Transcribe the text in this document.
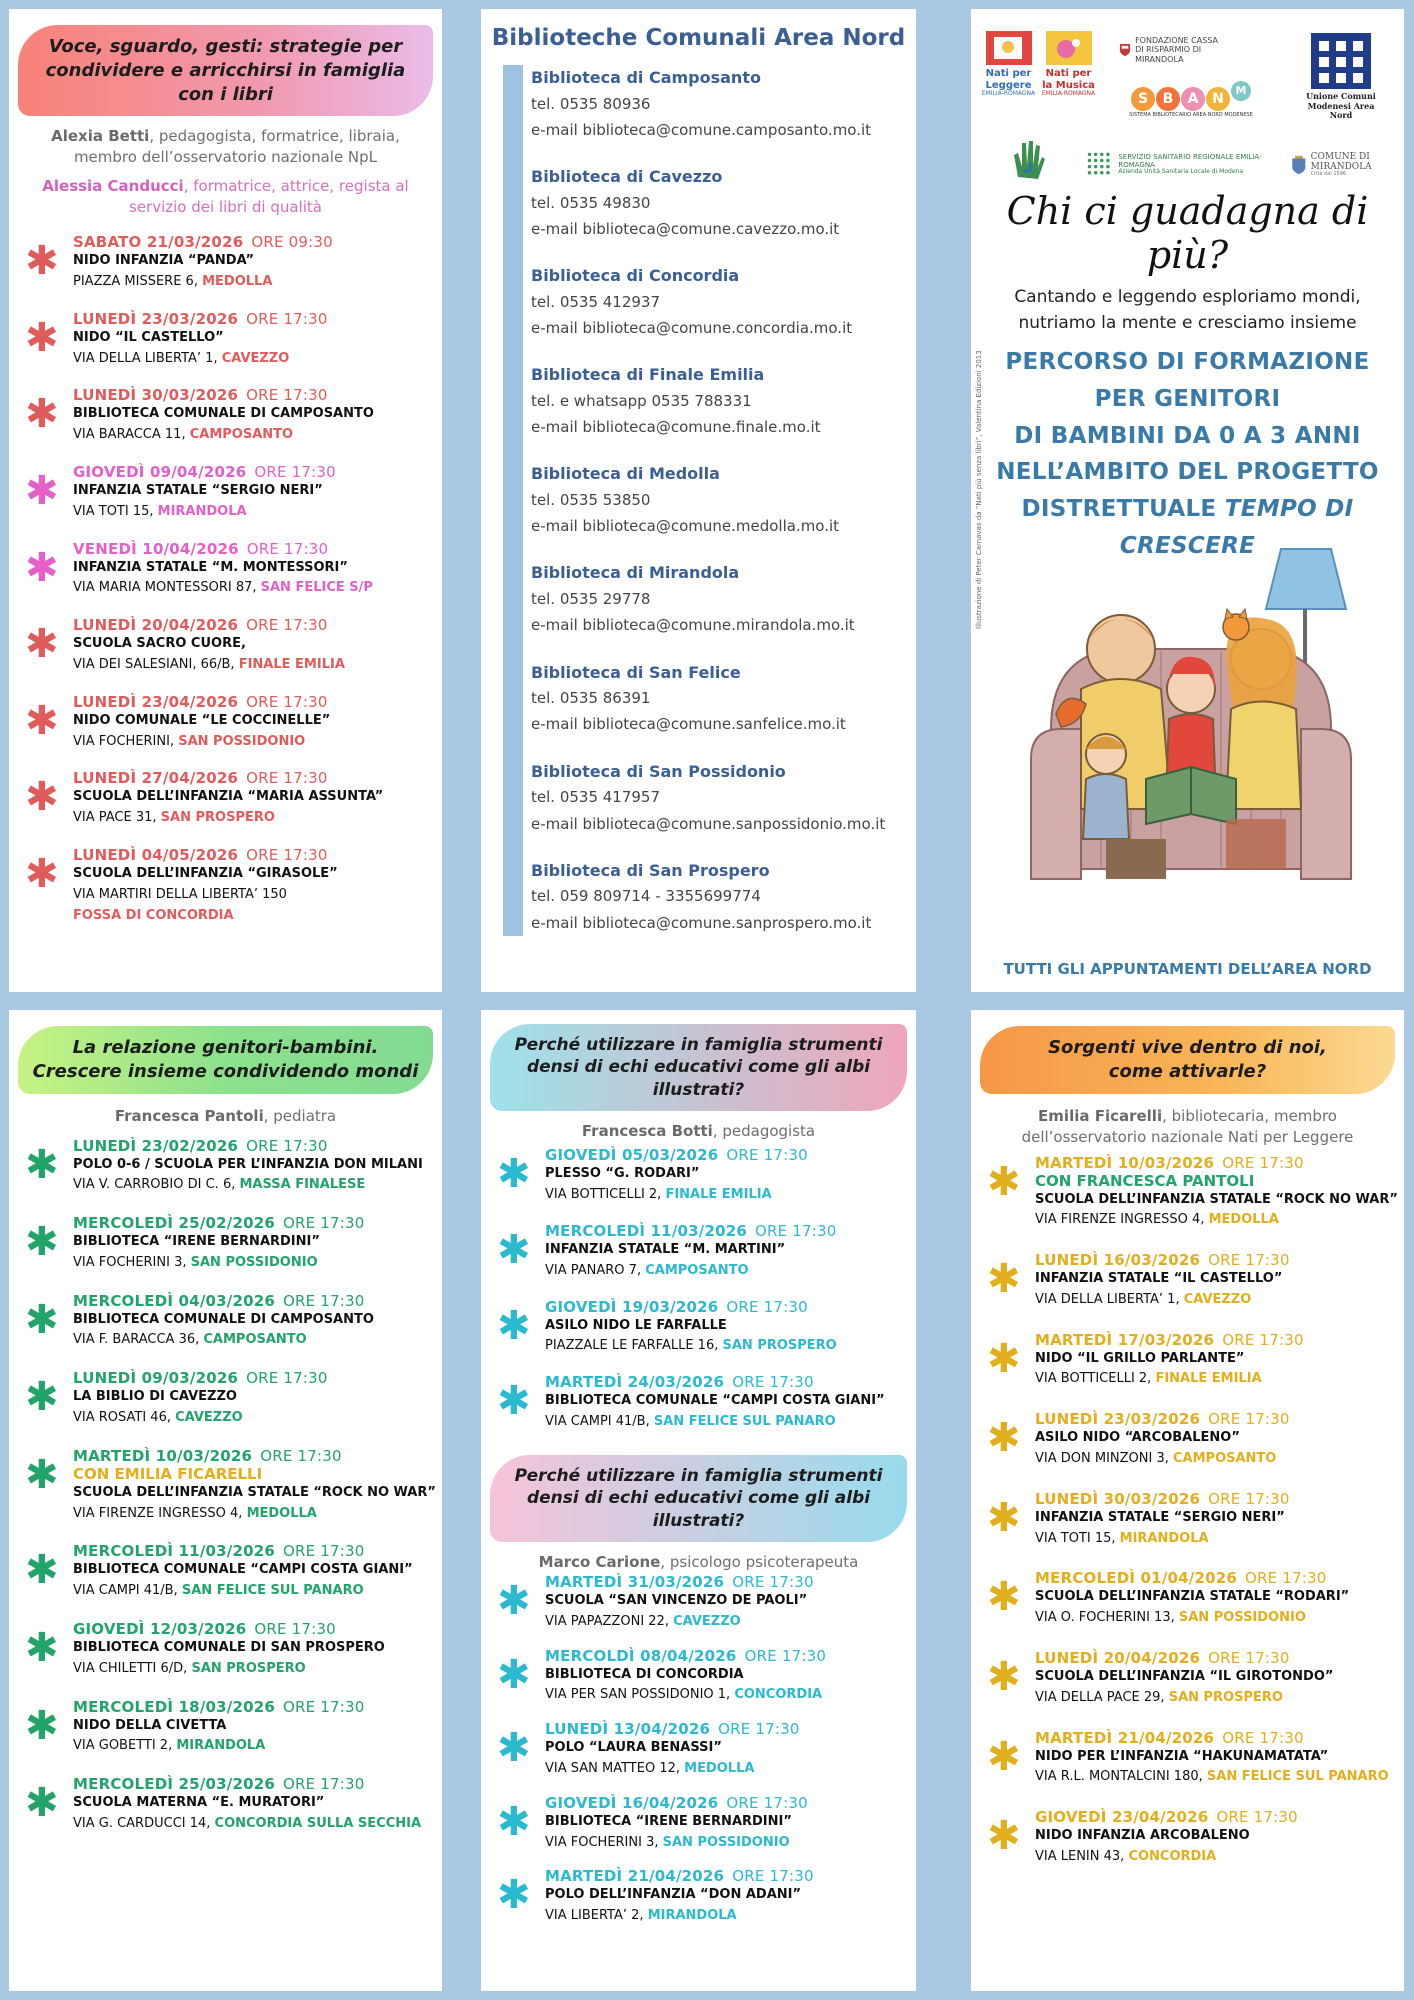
Voce, sguardo, gesti: strategie per condividere e arricchirsi in famiglia con i libri
Alexia Betti, pedagogista, formatrice, libraia, membro dell’osservatorio nazionale NpL
Alessia Canducci, formatrice, attrice, regista al servizio dei libri di qualità
✱ SABATO 21/03/2026 ORE 09:30
NIDO INFANZIA “PANDA”
PIAZZA MISSERE 6, MEDOLLA
✱ LUNEDÌ 23/03/2026 ORE 17:30
NIDO “IL CASTELLO”
VIA DELLA LIBERTA’ 1, CAVEZZO
✱ LUNEDÌ 30/03/2026 ORE 17:30
BIBLIOTECA COMUNALE DI CAMPOSANTO
VIA BARACCA 11, CAMPOSANTO
✱ GIOVEDÌ 09/04/2026 ORE 17:30
INFANZIA STATALE “SERGIO NERI”
VIA TOTI 15, MIRANDOLA
✱ VENEDÌ 10/04/2026 ORE 17:30
INFANZIA STATALE “M. MONTESSORI”
VIA MARIA MONTESSORI 87, SAN FELICE S/P
✱ LUNEDÌ 20/04/2026 ORE 17:30
SCUOLA SACRO CUORE,
VIA DEI SALESIANI, 66/B, FINALE EMILIA
✱ LUNEDÌ 23/04/2026 ORE 17:30
NIDO COMUNALE “LE COCCINELLE”
VIA FOCHERINI, SAN POSSIDONIO
✱ LUNEDÌ 27/04/2026 ORE 17:30
SCUOLA DELL’INFANZIA “MARIA ASSUNTA”
VIA PACE 31, SAN PROSPERO
✱ LUNEDÌ 04/05/2026 ORE 17:30
SCUOLA DELL’INFANZIA “GIRASOLE”
VIA MARTIRI DELLA LIBERTA’ 150
FOSSA DI CONCORDIA
Biblioteche Comunali Area Nord
Biblioteca di Camposanto
tel. 0535 80936
e-mail biblioteca@comune.camposanto.mo.it
Biblioteca di Cavezzo
tel. 0535 49830
e-mail biblioteca@comune.cavezzo.mo.it
Biblioteca di Concordia
tel. 0535 412937
e-mail biblioteca@comune.concordia.mo.it
Biblioteca di Finale Emilia
tel. e whatsapp 0535 788331
e-mail biblioteca@comune.finale.mo.it
Biblioteca di Medolla
tel. 0535 53850
e-mail biblioteca@comune.medolla.mo.it
Biblioteca di Mirandola
tel. 0535 29778
e-mail biblioteca@comune.mirandola.mo.it
Biblioteca di San Felice
tel. 0535 86391
e-mail biblioteca@comune.sanfelice.mo.it
Biblioteca di San Possidonio
tel. 0535 417957
e-mail biblioteca@comune.sanpossidonio.mo.it
Biblioteca di San Prospero
tel. 059 809714 - 3355699774
e-mail biblioteca@comune.sanprospero.mo.it
Nati per Leggere
EMILIA-ROMAGNA
Nati per la Musica
EMILIA-ROMAGNA
FONDAZIONE CASSA DI RISPARMIO DI MIRANDOLA
Unione Comuni Modenesi Area Nord
S	B	A N
M
SISTEMA BIBLIOTECARIO AREA NORD MODENESE
SERVIZIO SANITARIO REGIONALE EMILIA-ROMAGNA
Azienda Unità Sanitaria Locale di Modena
COMUNE DI MIRANDOLA
Città dal 1596
Chi ci guadagna di più?
Cantando e leggendo esploriamo mondi, nutriamo la mente e cresciamo insieme
PERCORSO DI FORMAZIONE
PER GENITORI
DI BAMBINI DA 0 A 3 ANNI
NELL’AMBITO DEL PROGETTO
DISTRETTUALE TEMPO DI
CRESCERE
Illustrazione di Peter Carnavas da “Nati più senza libri”, Valentina Edizioni 2013
TUTTI GLI APPUNTAMENTI DELL’AREA NORD
La relazione genitori-bambini. Crescere insieme condividendo mondi
Francesca Pantoli, pediatra
✱ LUNEDÌ 23/02/2026 ORE 17:30
POLO 0-6 / SCUOLA PER L’INFANZIA DON MILANI
VIA V. CARROBIO DI C. 6, MASSA FINALESE
✱ MERCOLEDÌ 25/02/2026 ORE 17:30
BIBLIOTECA “IRENE BERNARDINI”
VIA FOCHERINI 3, SAN POSSIDONIO
✱ MERCOLEDÌ 04/03/2026 ORE 17:30
BIBLIOTECA COMUNALE DI CAMPOSANTO
VIA F. BARACCA 36, CAMPOSANTO
✱ LUNEDÌ 09/03/2026 ORE 17:30
LA BIBLIO DI CAVEZZO
VIA ROSATI 46, CAVEZZO
✱ MARTEDÌ 10/03/2026 ORE 17:30
CON EMILIA FICARELLI
SCUOLA DELL’INFANZIA STATALE “ROCK NO WAR”
VIA FIRENZE INGRESSO 4, MEDOLLA
✱ MERCOLEDÌ 11/03/2026 ORE 17:30
BIBLIOTECA COMUNALE “CAMPI COSTA GIANI”
VIA CAMPI 41/B, SAN FELICE SUL PANARO
✱ GIOVEDÌ 12/03/2026 ORE 17:30
BIBLIOTECA COMUNALE DI SAN PROSPERO
VIA CHILETTI 6/D, SAN PROSPERO
✱ MERCOLEDÌ 18/03/2026 ORE 17:30
NIDO DELLA CIVETTA
VIA GOBETTI 2, MIRANDOLA
✱ MERCOLEDÌ 25/03/2026 ORE 17:30
SCUOLA MATERNA “E. MURATORI”
VIA G. CARDUCCI 14, CONCORDIA SULLA SECCHIA
Perché utilizzare in famiglia strumenti densi di echi educativi come gli albi illustrati?
Francesca Botti, pedagogista
✱ GIOVEDÌ 05/03/2026 ORE 17:30
PLESSO “G. RODARI”
VIA BOTTICELLI 2, FINALE EMILIA
✱ MERCOLEDÌ 11/03/2026 ORE 17:30
INFANZIA STATALE “M. MARTINI”
VIA PANARO 7, CAMPOSANTO
✱ GIOVEDÌ 19/03/2026 ORE 17:30
ASILO NIDO LE FARFALLE
PIAZZALE LE FARFALLE 16, SAN PROSPERO
✱ MARTEDÌ 24/03/2026 ORE 17:30
BIBLIOTECA COMUNALE “CAMPI COSTA GIANI”
VIA CAMPI 41/B, SAN FELICE SUL PANARO
Perché utilizzare in famiglia strumenti densi di echi educativi come gli albi illustrati?
Marco Carione, psicologo psicoterapeuta
✱ MARTEDÌ 31/03/2026 ORE 17:30
SCUOLA “SAN VINCENZO DE PAOLI”
VIA PAPAZZONI 22, CAVEZZO
✱ MERCOLDÌ 08/04/2026 ORE 17:30
BIBLIOTECA DI CONCORDIA
VIA PER SAN POSSIDONIO 1, CONCORDIA
✱ LUNEDÌ 13/04/2026 ORE 17:30
POLO “LAURA BENASSI”
VIA SAN MATTEO 12, MEDOLLA
✱ GIOVEDÌ 16/04/2026 ORE 17:30
BIBLIOTECA “IRENE BERNARDINI”
VIA FOCHERINI 3, SAN POSSIDONIO
✱ MARTEDÌ 21/04/2026 ORE 17:30
POLO DELL’INFANZIA “DON ADANI”
VIA LIBERTA’ 2, MIRANDOLA
Sorgenti vive dentro di noi, come attivarle?
Emilia Ficarelli, bibliotecaria, membro dell’osservatorio nazionale Nati per Leggere
✱ MARTEDÌ 10/03/2026 ORE 17:30
CON FRANCESCA PANTOLI
SCUOLA DELL’INFANZIA STATALE “ROCK NO WAR”
VIA FIRENZE INGRESSO 4, MEDOLLA
✱ LUNEDÌ 16/03/2026 ORE 17:30
INFANZIA STATALE “IL CASTELLO”
VIA DELLA LIBERTA’ 1, CAVEZZO
✱ MARTEDÌ 17/03/2026 ORE 17:30
NIDO “IL GRILLO PARLANTE”
VIA BOTTICELLI 2, FINALE EMILIA
✱ LUNEDÌ 23/03/2026 ORE 17:30
ASILO NIDO “ARCOBALENO”
VIA DON MINZONI 3, CAMPOSANTO
✱ LUNEDÌ 30/03/2026 ORE 17:30
INFANZIA STATALE “SERGIO NERI”
VIA TOTI 15, MIRANDOLA
✱ MERCOLEDÌ 01/04/2026 ORE 17:30
SCUOLA DELL’INFANZIA STATALE “RODARI”
VIA O. FOCHERINI 13, SAN POSSIDONIO
✱ LUNEDÌ 20/04/2026 ORE 17:30
SCUOLA DELL’INFANZIA “IL GIROTONDO”
VIA DELLA PACE 29, SAN PROSPERO
✱ MARTEDÌ 21/04/2026 ORE 17:30
NIDO PER L’INFANZIA “HAKUNAMATATA”
VIA R.L. MONTALCINI 180, SAN FELICE SUL PANARO
✱ GIOVEDÌ 23/04/2026 ORE 17:30
NIDO INFANZIA ARCOBALENO
VIA LENIN 43, CONCORDIA
